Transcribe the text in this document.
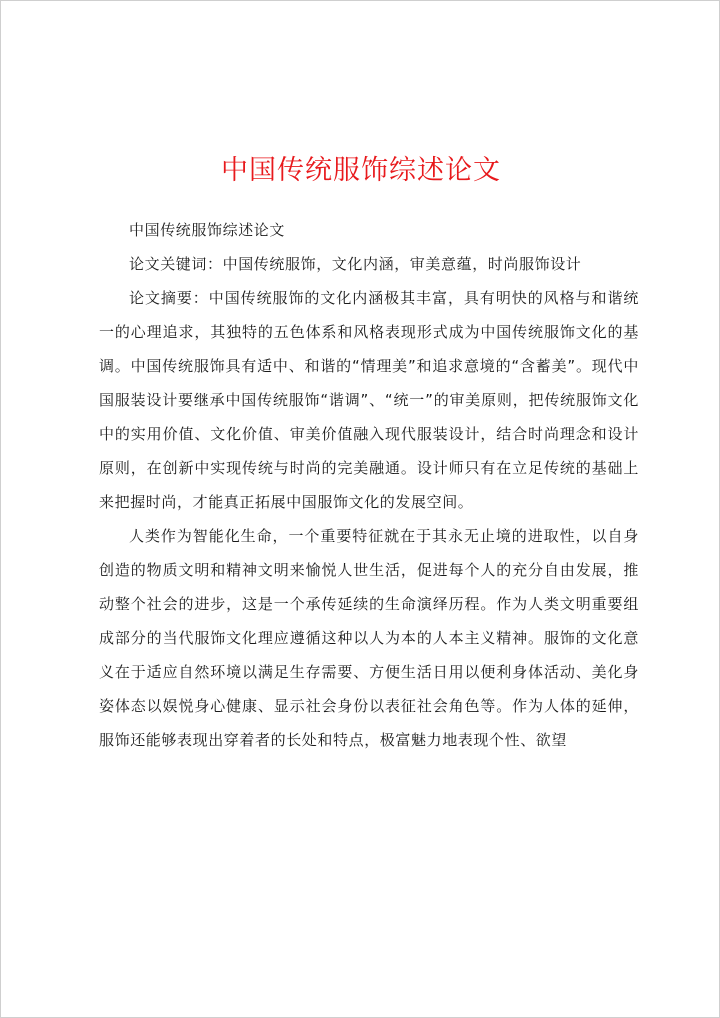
中国传统服饰综述论文

中国传统服饰综述论文

论文关键词：中国传统服饰，文化内涵，审美意蕴，时尚服饰设计

论文摘要：中国传统服饰的文化内涵极其丰富，具有明快的风格与和谐统一的心理追求，其独特的五色体系和风格表现形式成为中国传统服饰文化的基调。中国传统服饰具有适中、和谐的“情理美”和追求意境的“含蓄美”。现代中国服装设计要继承中国传统服饰“谐调”、“统一”的审美原则，把传统服饰文化中的实用价值、文化价值、审美价值融入现代服装设计，结合时尚理念和设计原则，在创新中实现传统与时尚的完美融通。设计师只有在立足传统的基础上来把握时尚，才能真正拓展中国服饰文化的发展空间。

人类作为智能化生命，一个重要特征就在于其永无止境的进取性，以自身创造的物质文明和精神文明来愉悦人世生活，促进每个人的充分自由发展，推动整个社会的进步，这是一个承传延续的生命演绎历程。作为人类文明重要组成部分的当代服饰文化理应遵循这种以人为本的人本主义精神。服饰的文化意义在于适应自然环境以满足生存需要、方便生活日用以便利身体活动、美化身姿体态以娱悦身心健康、显示社会身份以表征社会角色等。作为人体的延伸，服饰还能够表现出穿着者的长处和特点，极富魅力地表现个性、欲望
